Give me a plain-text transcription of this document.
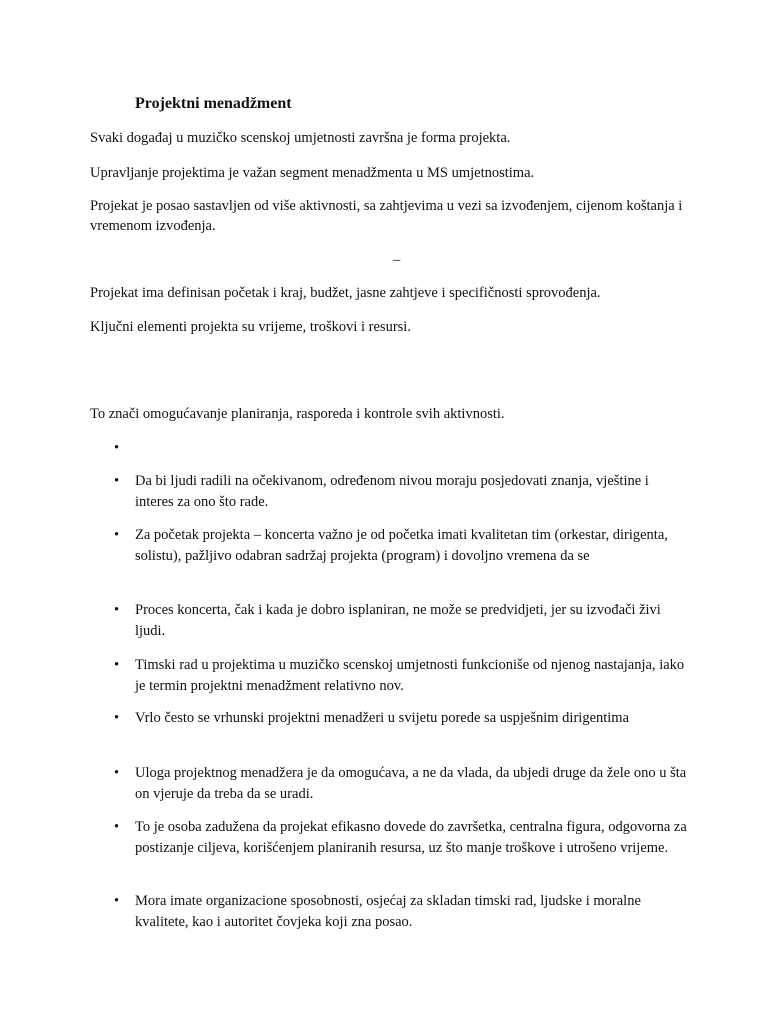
Projektni menadžment

Svaki događaj u muzičko scenskoj umjetnosti završna je forma projekta.

Upravljanje projektima je važan segment menadžmenta u MS umjetnostima.

Projekat je posao sastavljen od više aktivnosti, sa zahtjevima u vezi sa izvođenjem, cijenom koštanja i vremenom izvođenja.

–

Projekat ima definisan početak i kraj, budžet, jasne zahtjeve i specifičnosti sprovođenja.

Ključni elementi projekta su vrijeme, troškovi i resursi.

To znači omogućavanje planiranja, rasporeda i kontrole svih aktivnosti.

•

• Da bi ljudi radili na očekivanom, određenom nivou moraju posjedovati znanja, vještine i interes za ono što rade.

• Za početak projekta – koncerta važno je od početka imati kvalitetan tim (orkestar, dirigenta, solistu), pažljivo odabran sadržaj projekta (program) i dovoljno vremena da se

• Proces koncerta, čak i kada je dobro isplaniran, ne može se predvidjeti, jer su izvođači živi ljudi.

• Timski rad u projektima u muzičko scenskoj umjetnosti funkcioniše od njenog nastajanja, iako je termin projektni menadžment relativno nov.

• Vrlo često se vrhunski projektni menadžeri u svijetu porede sa uspješnim dirigentima

• Uloga projektnog menadžera je da omogućava, a ne da vlada, da ubjedi druge da žele ono u šta on vjeruje da treba da se uradi.

• To je osoba zadužena da projekat efikasno dovede do završetka, centralna figura, odgovorna za postizanje ciljeva, korišćenjem planiranih resursa, uz što manje troškove i utrošeno vrijeme.

• Mora imate organizacione sposobnosti, osjećaj za skladan timski rad, ljudske i moralne kvalitete, kao i autoritet čovjeka koji zna posao.
